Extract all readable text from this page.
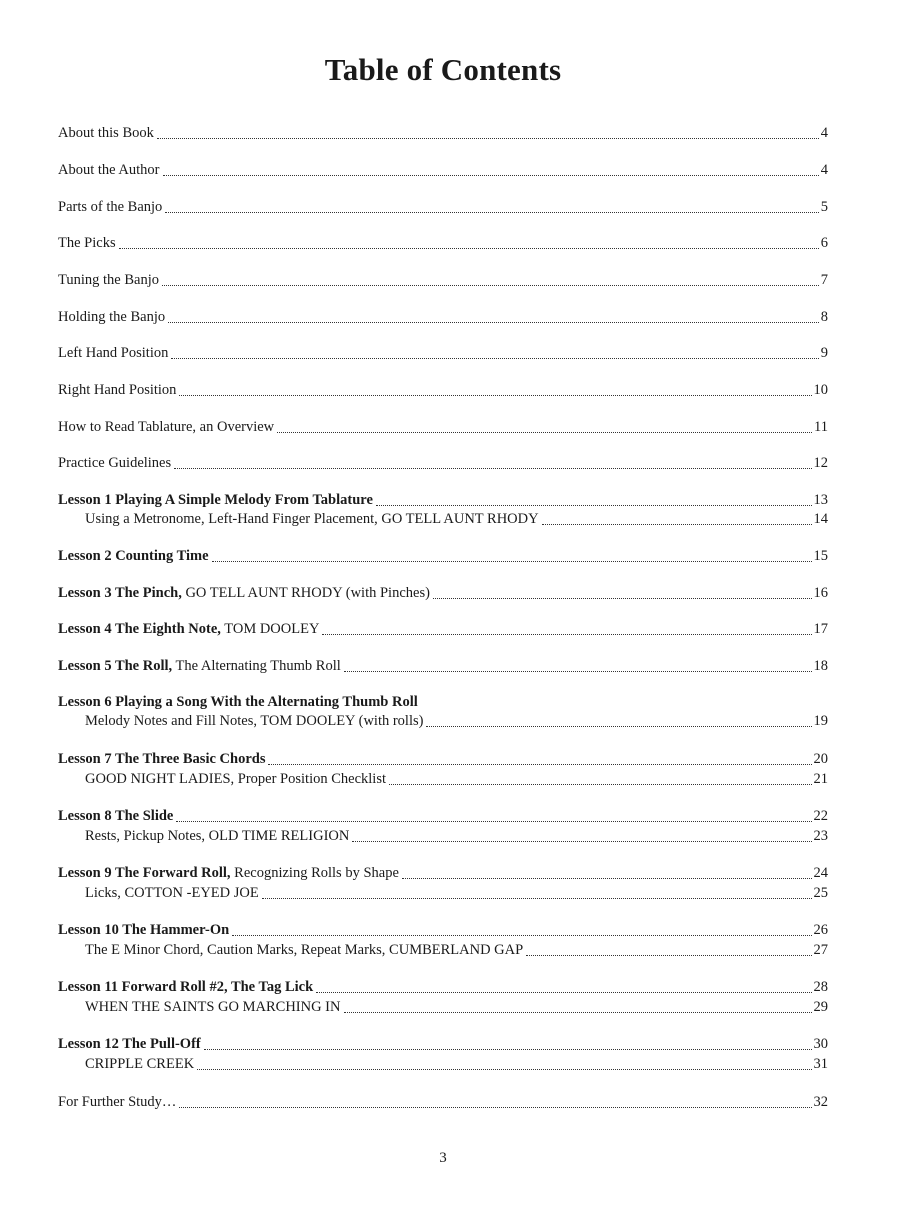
Table of Contents
About this Book	4
About the Author	4
Parts of the Banjo	5
The Picks	6
Tuning the Banjo	7
Holding the Banjo	8
Left Hand Position	9
Right Hand Position	10
How to Read Tablature, an Overview	11
Practice Guidelines	12
Lesson 1 Playing A Simple Melody From Tablature	13
Using a Metronome, Left-Hand Finger Placement, GO TELL AUNT RHODY	14
Lesson 2 Counting Time	15
Lesson 3 The Pinch, GO TELL AUNT RHODY (with Pinches)	16
Lesson 4 The Eighth Note, TOM DOOLEY	17
Lesson 5 The Roll, The Alternating Thumb Roll	18
Lesson 6 Playing a Song With the Alternating Thumb Roll
Melody Notes and Fill Notes, TOM DOOLEY (with rolls)	19
Lesson 7 The Three Basic Chords	20
GOOD NIGHT LADIES, Proper Position Checklist	21
Lesson 8 The Slide	22
Rests, Pickup Notes, OLD TIME RELIGION	23
Lesson 9 The Forward Roll, Recognizing Rolls by Shape	24
Licks, COTTON -EYED JOE	25
Lesson 10 The Hammer-On	26
The E Minor Chord, Caution Marks, Repeat Marks, CUMBERLAND GAP	27
Lesson 11 Forward Roll #2, The Tag Lick	28
WHEN THE SAINTS GO MARCHING IN	29
Lesson 12 The Pull-Off	30
CRIPPLE CREEK	31
For Further Study…	32
3
